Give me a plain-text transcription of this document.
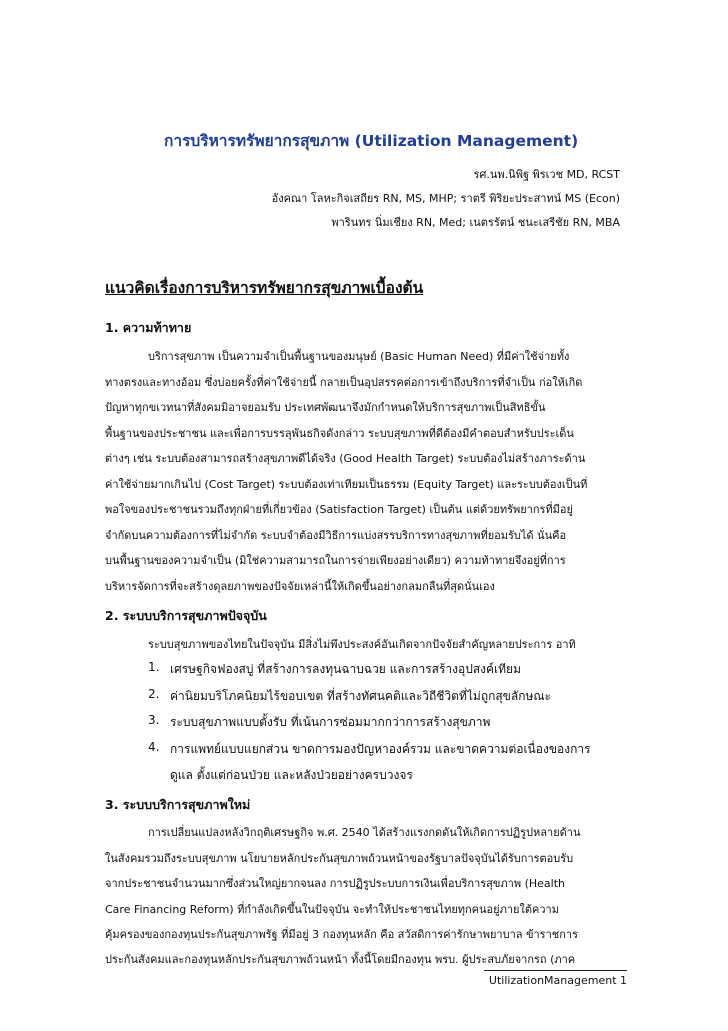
การบริหารทรัพยากรสุขภาพ (Utilization Management)
รศ.นพ.นิพิฐ พิรเวช MD, RCST
อังคณา โลหะกิจเสถียร RN, MS, MHP; ราตรี พิริยะประสาทน์ MS (Econ)
พารินทร นิ่มเชียง RN, Med; เนตรรัตน์ ชนะเสรีชัย RN, MBA
แนวคิดเรื่องการบริหารทรัพยากรสุขภาพเบื้องต้น
1. ความท้าทาย
บริการสุขภาพ เป็นความจำเป็นพื้นฐานของมนุษย์ (Basic Human Need) ที่มีค่าใช้จ่ายทั้ง
ทางตรงและทางอ้อม ซึ่งบ่อยครั้งที่ค่าใช้จ่ายนี้ กลายเป็นอุปสรรคต่อการเข้าถึงบริการที่จำเป็น ก่อให้เกิด
ปัญหาทุกขเวทนาที่สังคมมิอาจยอมรับ ประเทศพัฒนาจึงมักกำหนดให้บริการสุขภาพเป็นสิทธิขั้น
พื้นฐานของประชาชน และเพื่อการบรรลุพันธกิจดังกล่าว ระบบสุขภาพที่ดีต้องมีคำตอบสำหรับประเด็น
ต่างๆ เช่น ระบบต้องสามารถสร้างสุขภาพดีได้จริง (Good Health Target) ระบบต้องไม่สร้างภาระด้าน
ค่าใช้จ่ายมากเกินไป (Cost Target) ระบบต้องเท่าเทียมเป็นธรรม (Equity Target) และระบบต้องเป็นที่
พอใจของประชาชนรวมถึงทุกฝ่ายที่เกี่ยวข้อง (Satisfaction Target) เป็นต้น แต่ด้วยทรัพยากรที่มีอยู่
จำกัดบนความต้องการที่ไม่จำกัด ระบบจำต้องมีวิธีการแบ่งสรรบริการทางสุขภาพที่ยอมรับได้ นั่นคือ
บนพื้นฐานของความจำเป็น (มิใช่ความสามารถในการจ่ายเพียงอย่างเดียว) ความท้าทายจึงอยู่ที่การ
บริหารจัดการที่จะสร้างดุลยภาพของปัจจัยเหล่านี้ให้เกิดขึ้นอย่างกลมกลืนที่สุดนั่นเอง
2. ระบบบริการสุขภาพปัจจุบัน
ระบบสุขภาพของไทยในปัจจุบัน มีสิ่งไม่พึงประสงค์อันเกิดจากปัจจัยสำคัญหลายประการ อาทิ
1. เศรษฐกิจฟองสบู่ ที่สร้างการลงทุนฉาบฉวย และการสร้างอุปสงค์เทียม
2. ค่านิยมบริโภคนิยมไร้ขอบเขต ที่สร้างทัศนคติและวิถีชีวิตที่ไม่ถูกสุขลักษณะ
3. ระบบสุขภาพแบบตั้งรับ ที่เน้นการซ่อมมากกว่าการสร้างสุขภาพ
4. การแพทย์แบบแยกส่วน ขาดการมองปัญหาองค์รวม และขาดความต่อเนื่องของการ
ดูแล ตั้งแต่ก่อนป่วย และหลังป่วยอย่างครบวงจร
3. ระบบบริการสุขภาพใหม่
การเปลี่ยนแปลงหลังวิกฤติเศรษฐกิจ พ.ศ. 2540 ได้สร้างแรงกดดันให้เกิดการปฏิรูปหลายด้าน
ในสังคมรวมถึงระบบสุขภาพ นโยบายหลักประกันสุขภาพถ้วนหน้าของรัฐบาลปัจจุบันได้รับการตอบรับ
จากประชาชนจำนวนมากซึ่งส่วนใหญ่ยากจนลง การปฏิรูประบบการเงินเพื่อบริการสุขภาพ (Health
Care Financing Reform) ที่กำลังเกิดขึ้นในปัจจุบัน จะทำให้ประชาชนไทยทุกคนอยู่ภายใต้ความ
คุ้มครองของกองทุนประกันสุขภาพรัฐ ที่มีอยู่ 3 กองทุนหลัก คือ สวัสดิการค่ารักษาพยาบาล ข้าราชการ
ประกันสังคมและกองทุนหลักประกันสุขภาพถ้วนหน้า ทั้งนี้โดยมีกองทุน พรบ. ผู้ประสบภัยจากรถ (ภาค
UtilizationManagement 1
